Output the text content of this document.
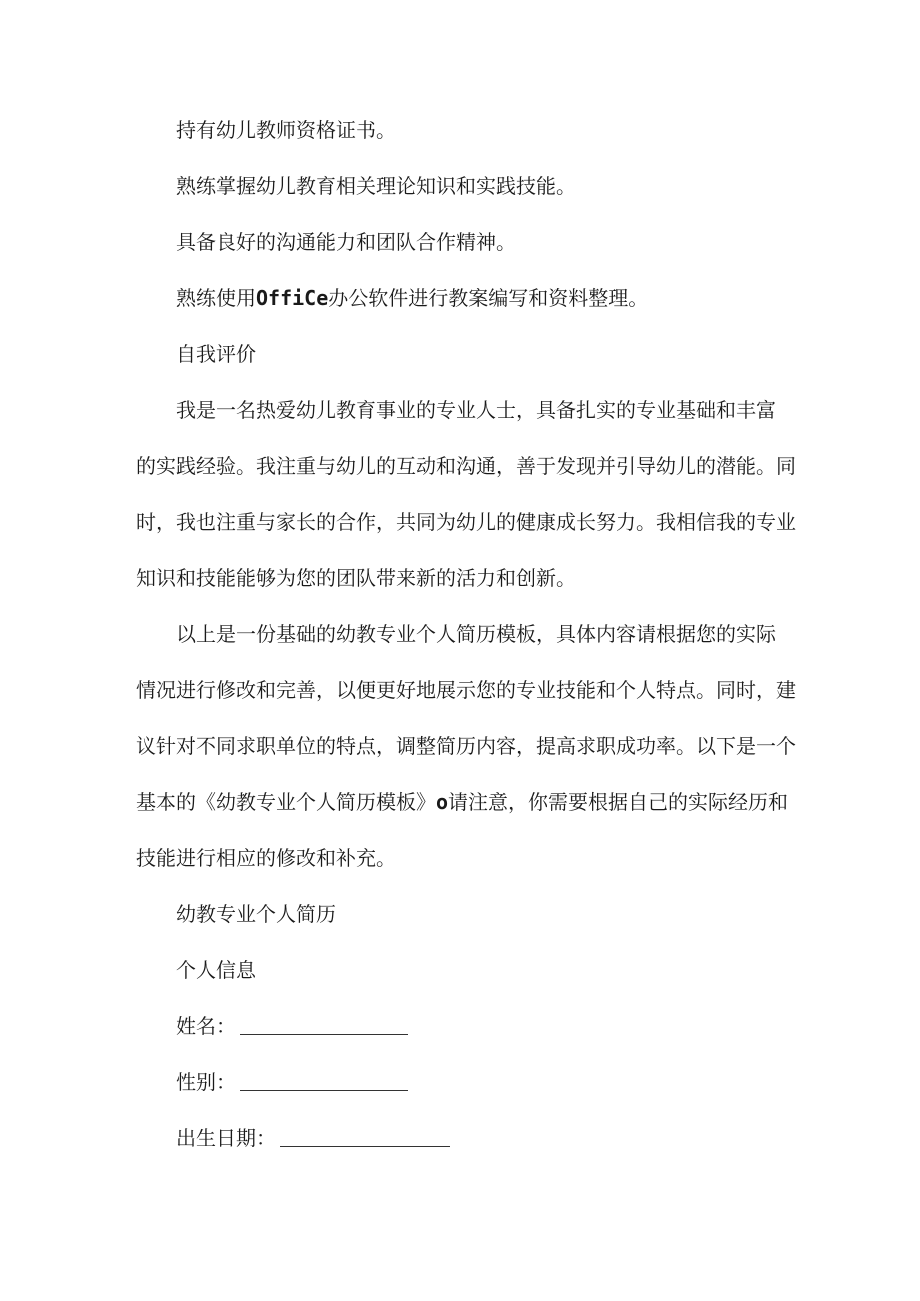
持有幼儿教师资格证书。
熟练掌握幼儿教育相关理论知识和实践技能。
具备良好的沟通能力和团队合作精神。
熟练使用OffiCe办公软件进行教案编写和资料整理。
自我评价
我是一名热爱幼儿教育事业的专业人士，具备扎实的专业基础和丰富
的实践经验。我注重与幼儿的互动和沟通，善于发现并引导幼儿的潜能。同
时，我也注重与家长的合作，共同为幼儿的健康成长努力。我相信我的专业
知识和技能能够为您的团队带来新的活力和创新。
以上是一份基础的幼教专业个人简历模板，具体内容请根据您的实际
情况进行修改和完善，以便更好地展示您的专业技能和个人特点。同时，建
议针对不同求职单位的特点，调整简历内容，提高求职成功率。以下是一个
基本的《幼教专业个人简历模板》o请注意，你需要根据自己的实际经历和
技能进行相应的修改和补充。
幼教专业个人简历
个人信息
姓名：
性别：
出生日期：
